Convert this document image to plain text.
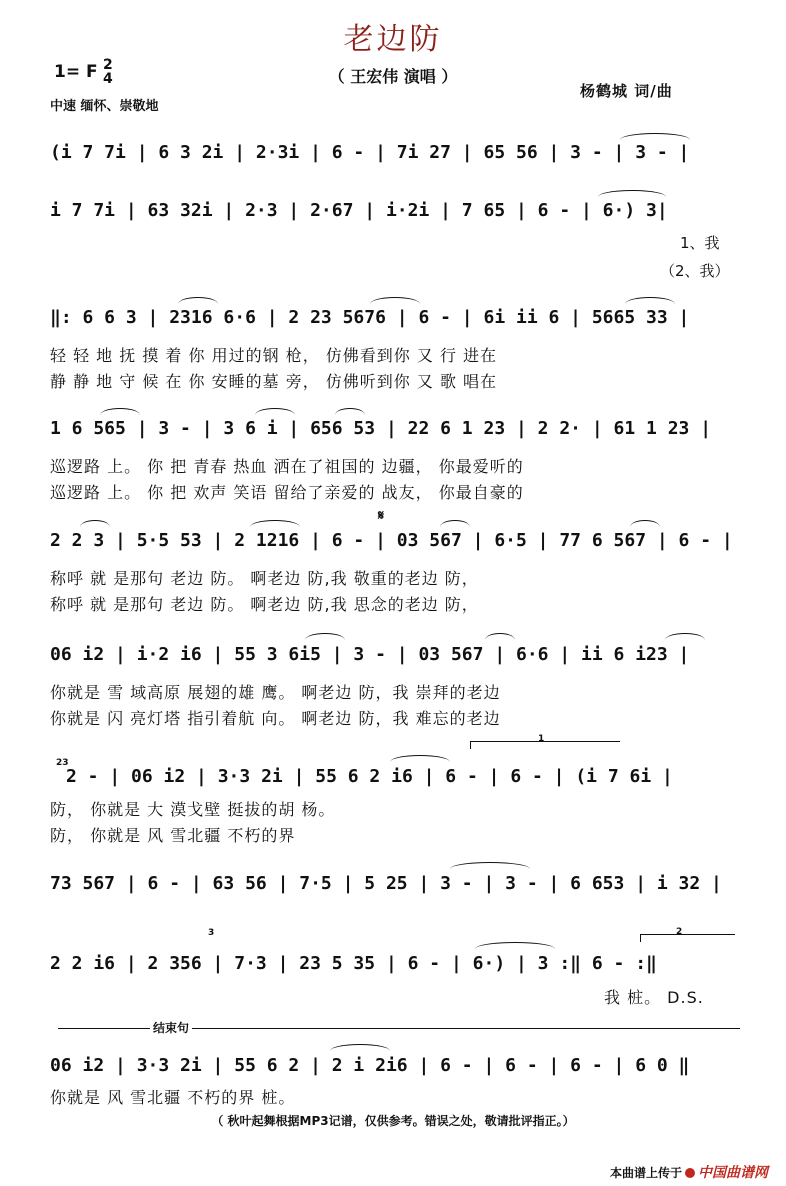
老边防
（ 王宏伟 演唱 ）
1= F 2
4
中速 缅怀、崇敬地
杨鹤城 词/曲
(i 7 7i | 6 3 2i | 2·3i | 6 - | 7i 27 | 65 56 | 3 - | 3 - |
i 7 7i | 63 32i | 2·3 | 2·67 | i·2i | 7 65 | 6 - | 6·) 3|
1、我
（2、我）
‖: 6 6 3 | 2316 6·6 | 2 23 5676 | 6 - | 6i ii 6 | 5665 33 |
轻 轻 地 抚 摸 着 你 用过的钢 枪， 仿佛看到你 又 行 进在
静 静 地 守 候 在 你 安睡的墓 旁， 仿佛听到你 又 歌 唱在
1 6 565 | 3 - | 3 6 i | 656 53 | 22 6 1 23 | 2 2· | 61 1 23 |
巡逻路 上。 你 把 青春 热血 洒在了祖国的 边疆， 你最爱听的
巡逻路 上。 你 把 欢声 笑语 留给了亲爱的 战友， 你最自豪的
𝄋
2 2 3 | 5·5 53 | 2 1216 | 6 - | 03 567 | 6·5 | 77 6 567 | 6 - |
称呼 就 是那句 老边 防。 啊老边 防,我 敬重的老边 防，
称呼 就 是那句 老边 防。 啊老边 防,我 思念的老边 防，
06 i2 | i·2 i6 | 55 3 6i5 | 3 - | 03 567 | 6·6 | ii 6 i23 |
你就是 雪 域高原 展翅的雄 鹰。 啊老边 防，我 崇拜的老边
你就是 闪 亮灯塔 指引着航 向。 啊老边 防，我 难忘的老边
23
1
2 - | 06 i2 | 3·3 2i | 55 6 2 i6 | 6 - | 6 - | (i 7 6i |
防， 你就是 大 漠戈壁 挺拔的胡 杨。
防， 你就是 风 雪北疆 不朽的界
73 567 | 6 - | 63 56 | 7·5 | 5 25 | 3 - | 3 - | 6 653 | i 32 |
3	2
2 2 i6 | 2 356 | 7·3 | 23 5 35 | 6 - | 6·) | 3 :‖ 6 - :‖
我 桩。 D.S.
结束句
06 i2 | 3·3 2i | 55 6 2 | 2 i 2i6 | 6 - | 6 - | 6 - | 6 0 ‖
你就是 风 雪北疆 不朽的界 桩。
（ 秋叶起舞根据MP3记谱，仅供参考。错误之处，敬请批评指正。）
本曲谱上传于 中国曲谱网
